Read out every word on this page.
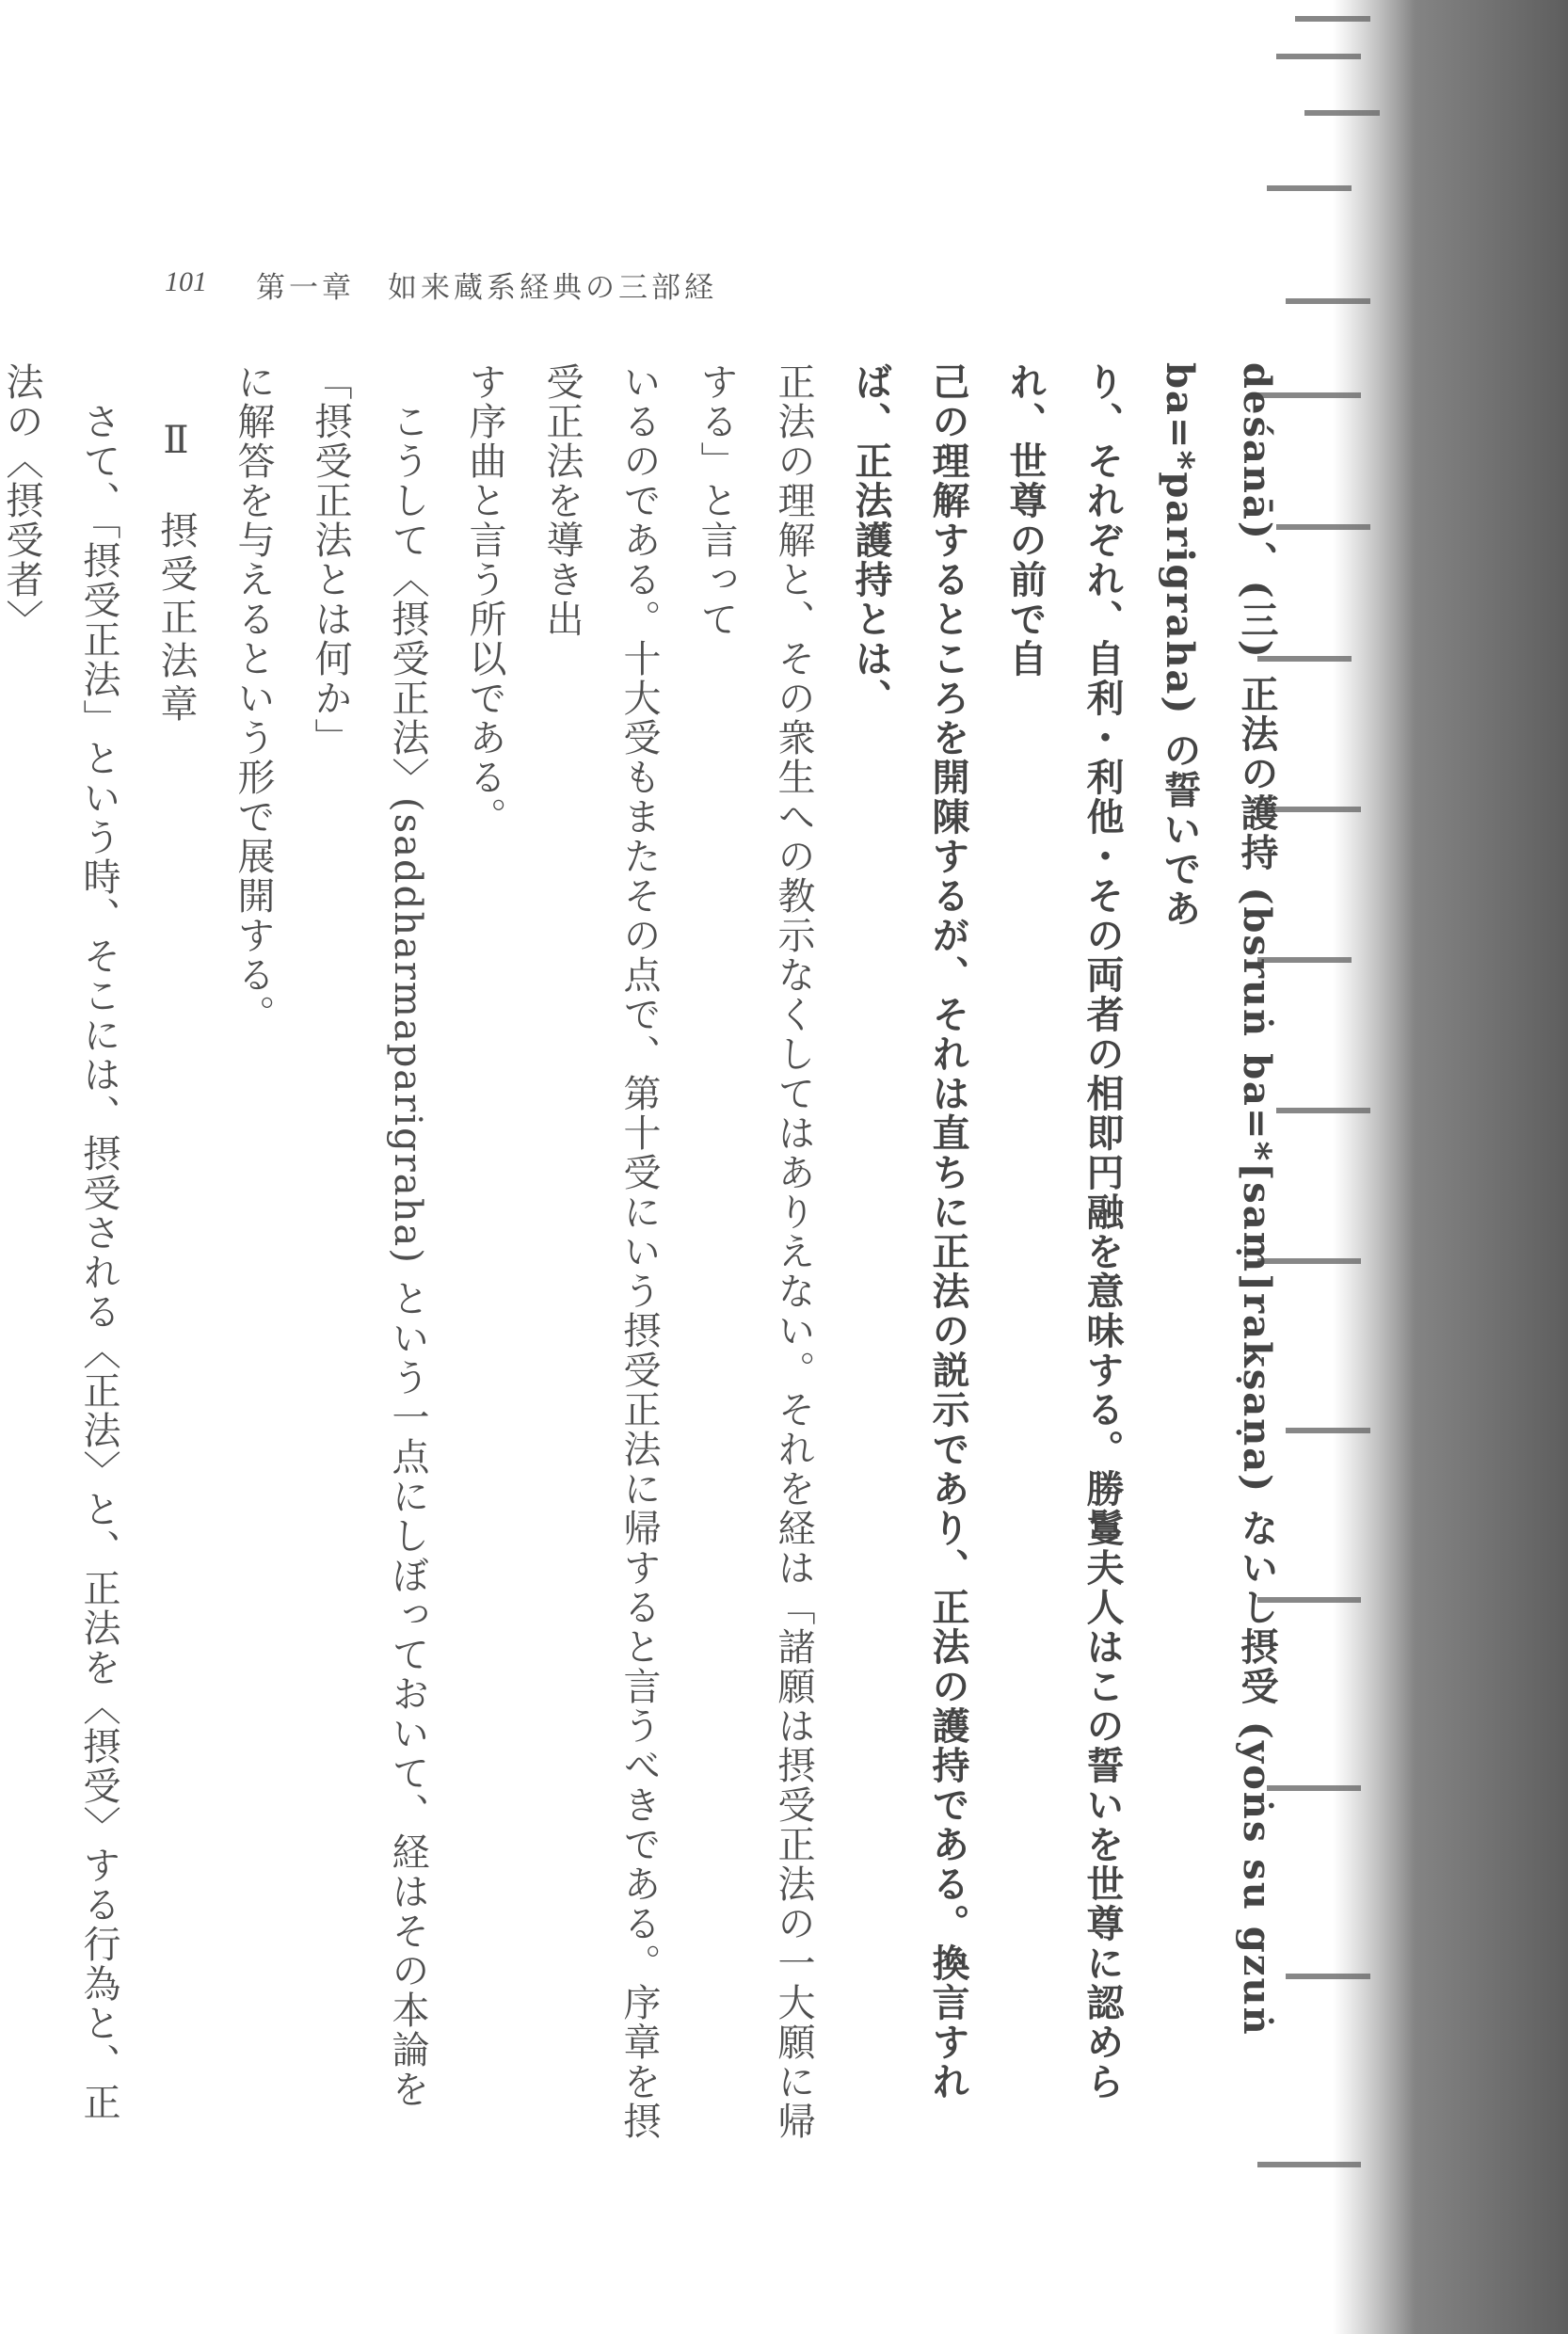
101 第一章　如来蔵系経典の三部経

deśanā)、(三) 正法の護持 (bsruṅ ba=*[saṃ]rakṣaṇa) ないし摂受 (yoṅs su gzuṅ ba=*parigraha) の誓いであ

り、それぞれ、自利・利他・その両者の相即円融を意味する。勝鬘夫人はこの誓いを世尊に認められ、世尊の前で自

己の理解するところを開陳するが、それは直ちに正法の説示であり、正法の護持である。換言すれば、正法護持とは、

正法の理解と、その衆生への教示なくしてはありえない。それを経は「諸願は摂受正法の一大願に帰する」と言って

いるのである。十大受もまたその点で、第十受にいう摂受正法に帰すると言うべきである。序章を摂受正法を導き出

す序曲と言う所以である。

　こうして〈摂受正法〉(saddharmaparigraha) という一点にしぼっておいて、経はその本論を「摂受正法とは何か」

に解答を与えるという形で展開する。

Ⅱ　摂受正法章

　さて、「摂受正法」という時、そこには、摂受される〈正法〉と、正法を〈摂受〉する行為と、正法の〈摂受者〉
